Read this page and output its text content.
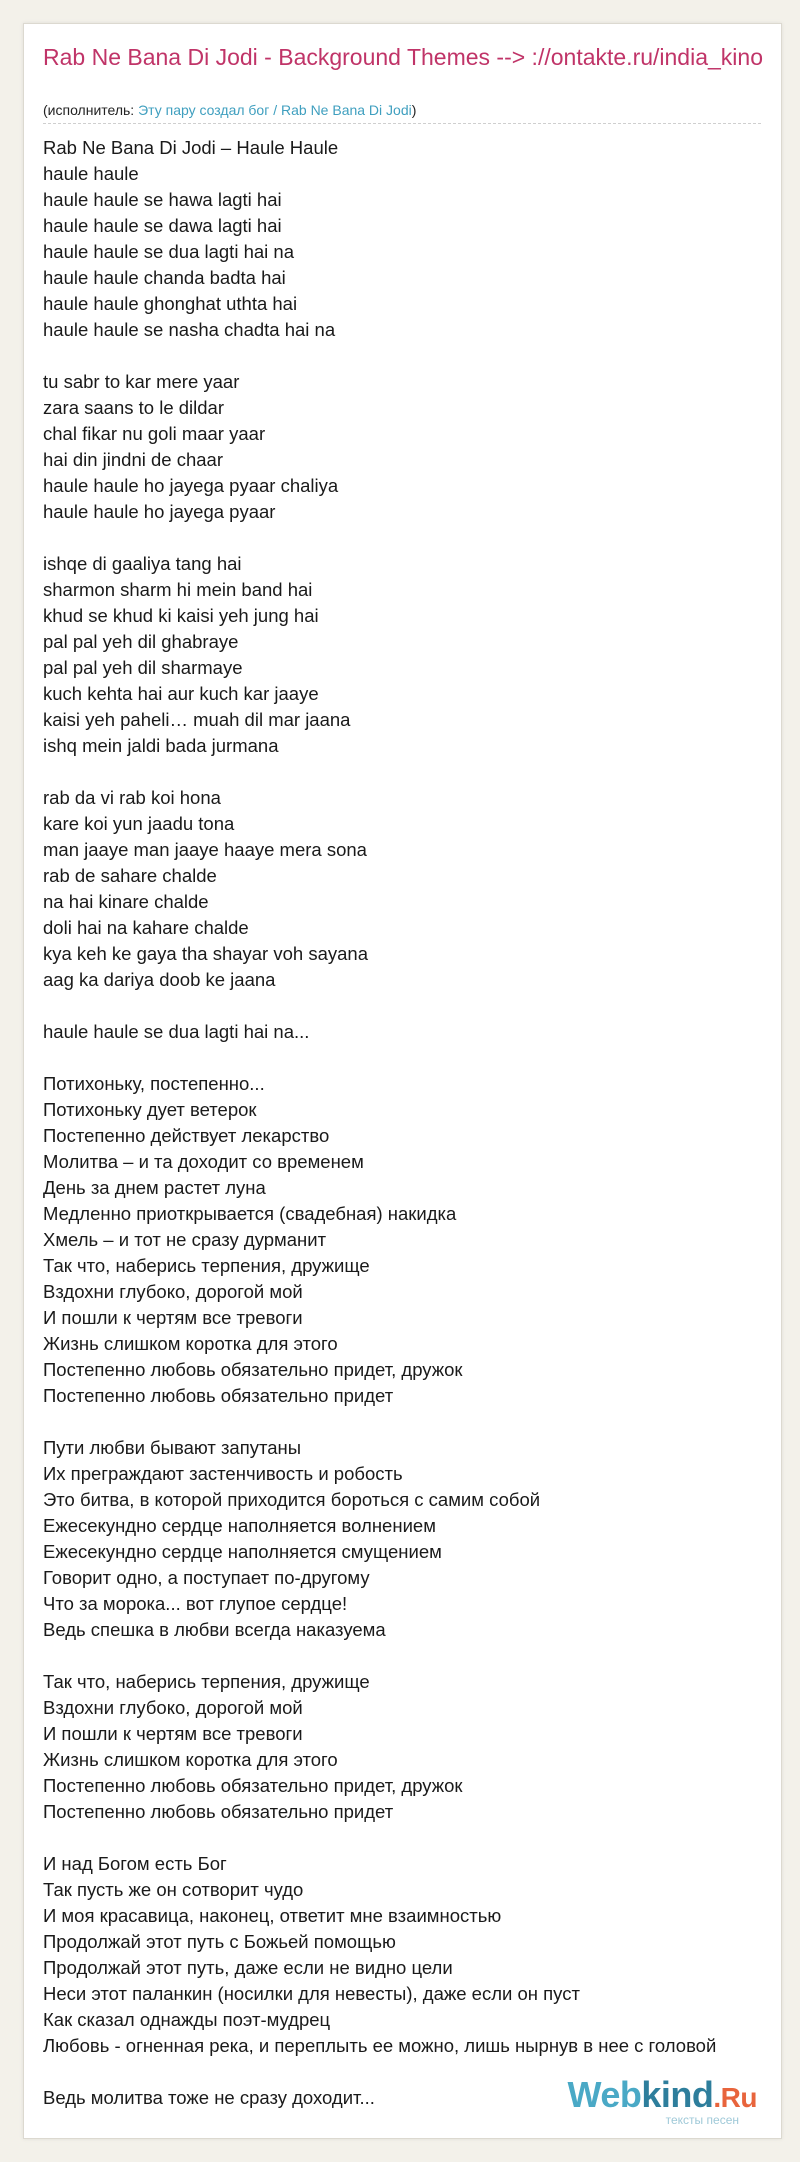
Rab Ne Bana Di Jodi - Background Themes --> ://ontakte.ru/india_kino
(исполнитель: Эту пару создал бог / Rab Ne Bana Di Jodi)
Rab Ne Bana Di Jodi – Haule Haule
haule haule
haule haule se hawa lagti hai
haule haule se dawa lagti hai
haule haule se dua lagti hai na
haule haule chanda badta hai
haule haule ghonghat uthta hai
haule haule se nasha chadta hai na
tu sabr to kar mere yaar
zara saans to le dildar
chal fikar nu goli maar yaar
hai din jindni de chaar
haule haule ho jayega pyaar chaliya
haule haule ho jayega pyaar
ishqe di gaaliya tang hai
sharmon sharm hi mein band hai
khud se khud ki kaisi yeh jung hai
pal pal yeh dil ghabraye
pal pal yeh dil sharmaye
kuch kehta hai aur kuch kar jaaye
kaisi yeh paheli… muah dil mar jaana
ishq mein jaldi bada jurmana
rab da vi rab koi hona
kare koi yun jaadu tona
man jaaye man jaaye haaye mera sona
rab de sahare chalde
na hai kinare chalde
doli hai na kahare chalde
kya keh ke gaya tha shayar voh sayana
aag ka dariya doob ke jaana
haule haule se dua lagti hai na...
Потихоньку, постепенно...
Потихоньку дует ветерок
Постепенно действует лекарство
Молитва – и та доходит со временем
День за днем растет луна
Медленно приоткрывается (свадебная) накидка
Хмель – и тот не сразу дурманит
Так что, наберись терпения, дружище
Вздохни глубоко, дорогой мой
И пошли к чертям все тревоги
Жизнь слишком коротка для этого
Постепенно любовь обязательно придет, дружок
Постепенно любовь обязательно придет
Пути любви бывают запутаны
Их преграждают застенчивость и робость
Это битва, в которой приходится бороться с самим собой
Ежесекундно сердце наполняется волнением
Ежесекундно сердце наполняется смущением
Говорит одно, а поступает по-другому
Что за морока... вот глупое сердце!
Ведь спешка в любви всегда наказуема
Так что, наберись терпения, дружище
Вздохни глубоко, дорогой мой
И пошли к чертям все тревоги
Жизнь слишком коротка для этого
Постепенно любовь обязательно придет, дружок
Постепенно любовь обязательно придет
И над Богом есть Бог
Так пусть же он сотворит чудо
И моя красавица, наконец, ответит мне взаимностью
Продолжай этот путь с Божьей помощью
Продолжай этот путь, даже если не видно цели
Неси этот паланкин (носилки для невесты), даже если он пуст
Как сказал однажды поэт-мудрец
Любовь - огненная река, и переплыть ее можно, лишь нырнув в нее с головой
Ведь молитва тоже не сразу доходит...	Webkind.Ru
тексты песен
